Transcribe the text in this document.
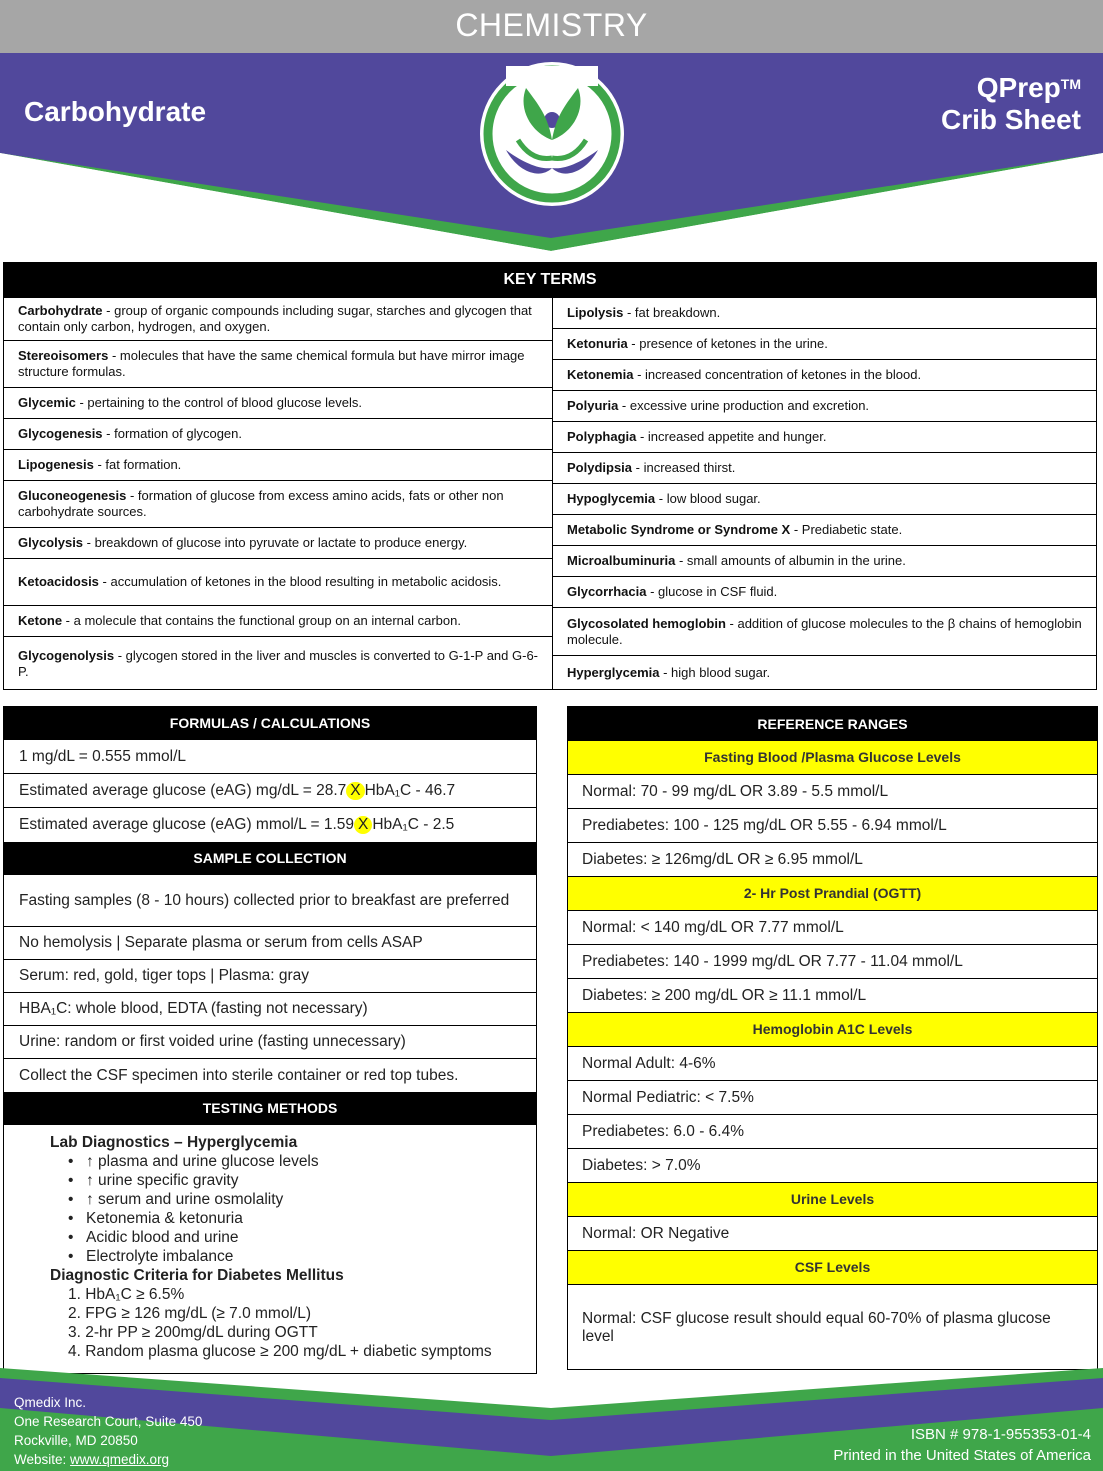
CHEMISTRY
Carbohydrate
QPrep™
Crib Sheet
KEY TERMS
Carbohydrate - group of organic compounds including sugar, starches and glycogen that contain only carbon, hydrogen, and oxygen.
Stereoisomers - molecules that have the same chemical formula but have mirror image structure formulas.
Glycemic - pertaining to the control of blood glucose levels.
Glycogenesis - formation of glycogen.
Lipogenesis - fat formation.
Gluconeogenesis - formation of glucose from excess amino acids, fats or other non carbohydrate sources.
Glycolysis - breakdown of glucose into pyruvate or lactate to produce energy.
Ketoacidosis - accumulation of ketones in the blood resulting in metabolic acidosis.
Ketone - a molecule that contains the functional group on an internal carbon.
Glycogenolysis - glycogen stored in the liver and muscles is converted to G-1-P and G-6-P.
Lipolysis - fat breakdown.
Ketonuria - presence of ketones in the urine.
Ketonemia - increased concentration of ketones in the blood.
Polyuria - excessive urine production and excretion.
Polyphagia - increased appetite and hunger.
Polydipsia - increased thirst.
Hypoglycemia - low blood sugar.
Metabolic Syndrome or Syndrome X - Prediabetic state.
Microalbuminuria - small amounts of albumin in the urine.
Glycorrhacia - glucose in CSF fluid.
Glycosolated hemoglobin - addition of glucose molecules to the β chains of hemoglobin molecule.
Hyperglycemia - high blood sugar.
FORMULAS / CALCULATIONS
1 mg/dL = 0.555 mmol/L
Estimated average glucose (eAG) mg/dL = 28.7 X HbA₁C - 46.7
Estimated average glucose (eAG) mmol/L = 1.59 X HbA₁C - 2.5
SAMPLE COLLECTION
Fasting samples (8 - 10 hours) collected prior to breakfast are preferred
No hemolysis | Separate plasma or serum from cells ASAP
Serum: red, gold, tiger tops | Plasma: gray
HBA₁C: whole blood, EDTA (fasting not necessary)
Urine: random or first voided urine (fasting unnecessary)
Collect the CSF specimen into sterile container or red top tubes.
TESTING METHODS
Lab Diagnostics – Hyperglycemia
• ↑ plasma and urine glucose levels
• ↑ urine specific gravity
• ↑ serum and urine osmolality
• Ketonemia & ketonuria
• Acidic blood and urine
• Electrolyte imbalance
Diagnostic Criteria for Diabetes Mellitus
1. HbA₁C ≥ 6.5%
2. FPG ≥ 126 mg/dL (≥ 7.0 mmol/L)
3. 2-hr PP ≥ 200mg/dL during OGTT
4. Random plasma glucose ≥ 200 mg/dL + diabetic symptoms
REFERENCE RANGES
Fasting Blood /Plasma Glucose Levels
Normal: 70 - 99 mg/dL OR 3.89 - 5.5 mmol/L
Prediabetes: 100 - 125 mg/dL OR 5.55 - 6.94 mmol/L
Diabetes: ≥ 126mg/dL OR ≥ 6.95 mmol/L
2- Hr Post Prandial (OGTT)
Normal: < 140 mg/dL OR 7.77 mmol/L
Prediabetes: 140 - 1999 mg/dL OR 7.77 - 11.04 mmol/L
Diabetes: ≥ 200 mg/dL OR ≥ 11.1 mmol/L
Hemoglobin A1C Levels
Normal Adult: 4-6%
Normal Pediatric: < 7.5%
Prediabetes: 6.0 - 6.4%
Diabetes: > 7.0%
Urine Levels
Normal: OR Negative
CSF Levels
Normal: CSF glucose result should equal 60-70% of plasma glucose level
Qmedix Inc.
One Research Court, Suite 450
Rockville, MD 20850
Website: www.qmedix.org
ISBN # 978-1-955353-01-4
Printed in the United States of America
